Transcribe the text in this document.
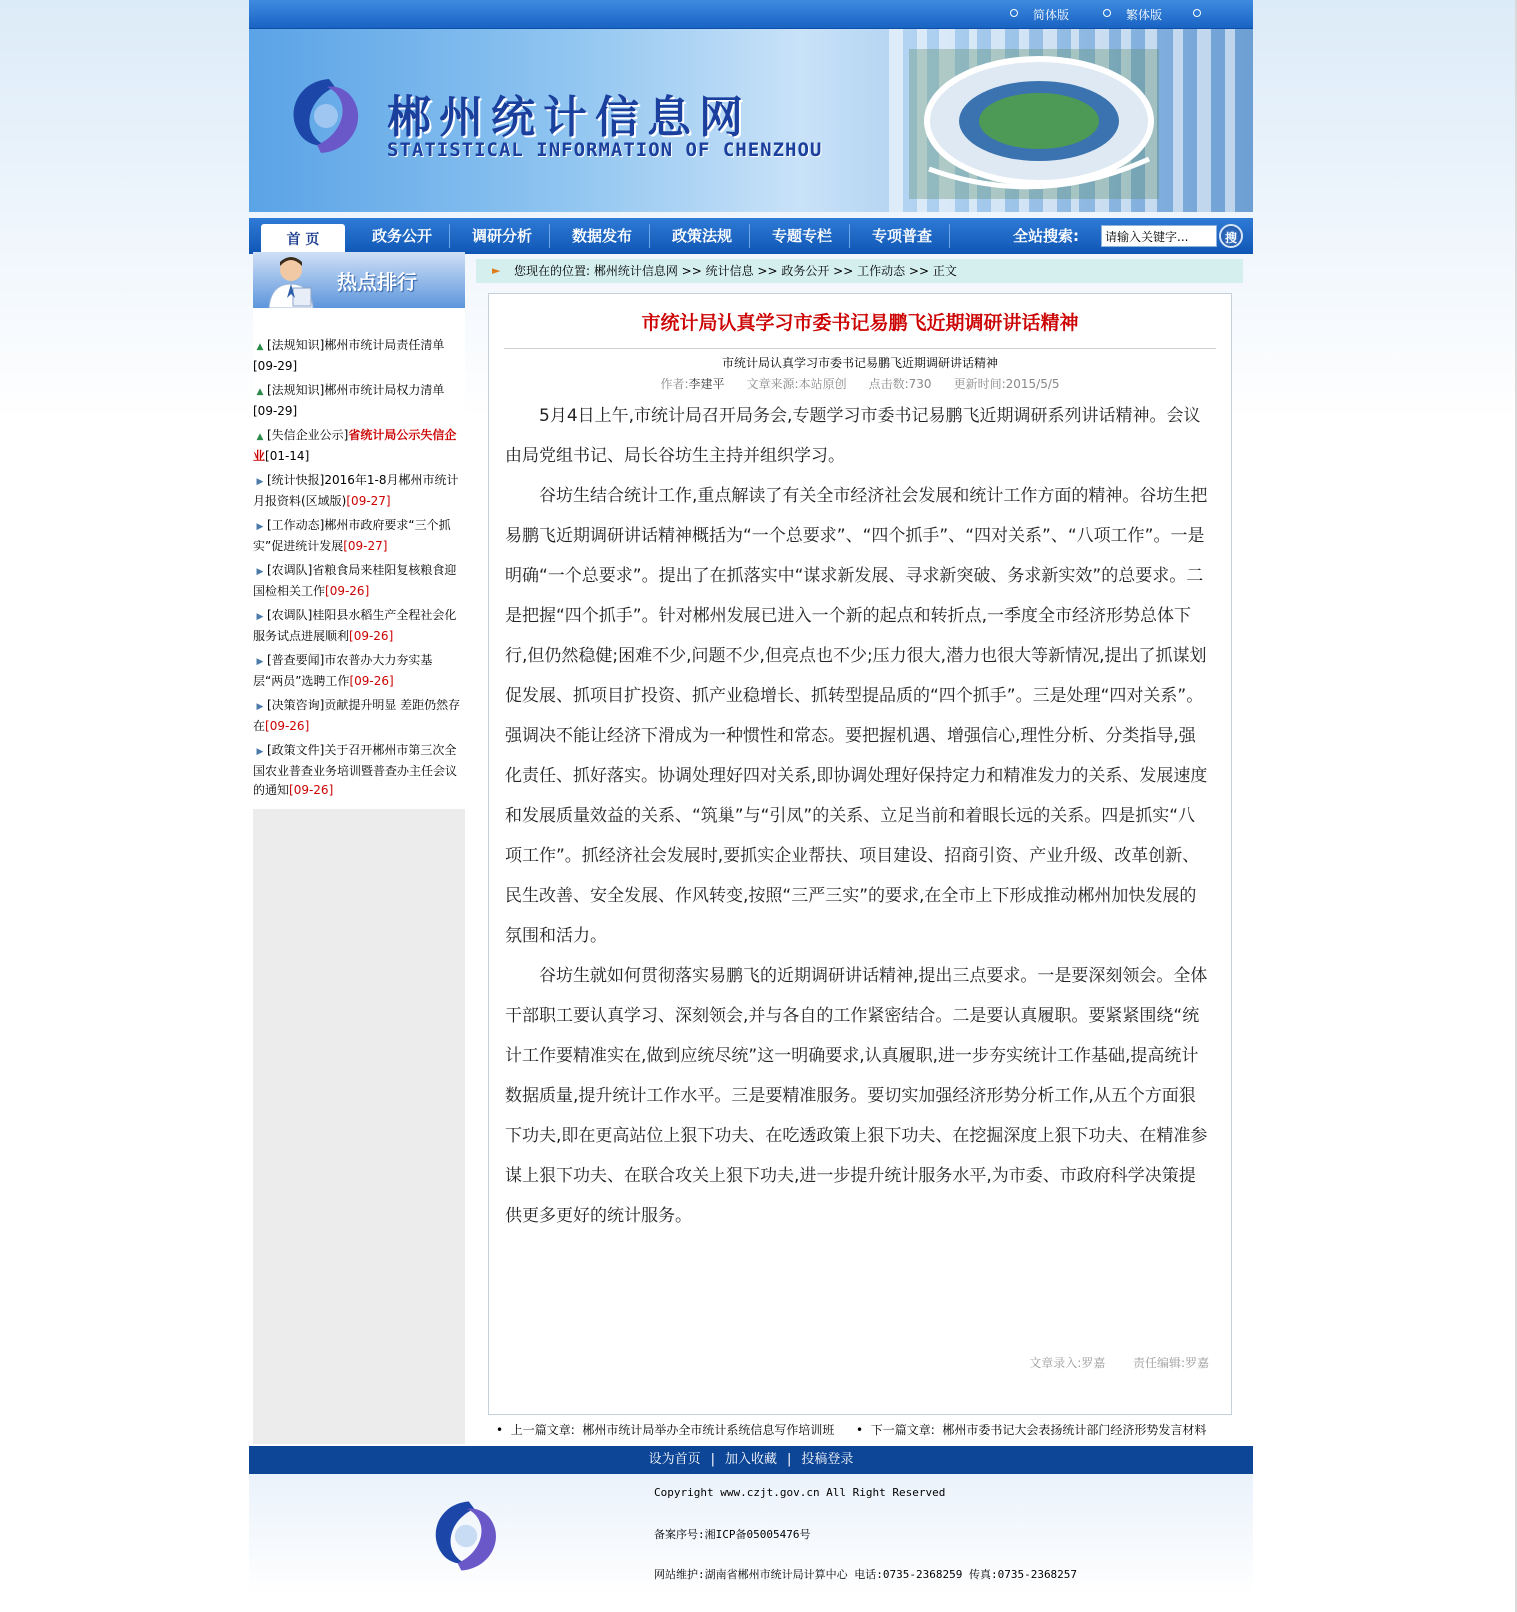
简体版	繁体版
郴州统计信息网
STATISTICAL INFORMATION OF CHENZHOU
首 页	政务公开	调研分析	数据发布	政策法规	专题专栏	专项普查	全站搜索:
请输入关键字...	搜
热点排行
▲ [法规知识]郴州市统计局责任清单
[09-29]
▲ [法规知识]郴州市统计局权力清单
[09-29]
▲ [失信企业公示]省统计局公示失信企业[01-14]
▶ [统计快报]2016年1-8月郴州市统计月报资料(区域版)[09-27]
▶ [工作动态]郴州市政府要求“三个抓实”促进统计发展[09-27]
▶ [农调队]省粮食局来桂阳复核粮食迎国检相关工作[09-26]
▶ [农调队]桂阳县水稻生产全程社会化服务试点进展顺利[09-26]
▶ [普查要闻]市农普办大力夯实基层“两员”选聘工作[09-26]
▶ [决策咨询]贡献提升明显 差距仍然存在[09-26]
▶ [政策文件]关于召开郴州市第三次全国农业普查业务培训暨普查办主任会议的通知[09-26]
► 您现在的位置: 郴州统计信息网 >> 统计信息 >> 政务公开 >> 工作动态 >> 正文
市统计局认真学习市委书记易鹏飞近期调研讲话精神
市统计局认真学习市委书记易鹏飞近期调研讲话精神
作者:李建平 文章来源:本站原创 点击数:730 更新时间:2015/5/5

5月4日上午,市统计局召开局务会,专题学习市委书记易鹏飞近期调研系列讲话精神。会议由局党组书记、局长谷坊生主持并组织学习。

谷坊生结合统计工作,重点解读了有关全市经济社会发展和统计工作方面的精神。谷坊生把易鹏飞近期调研讲话精神概括为“一个总要求”、“四个抓手”、“四对关系”、“八项工作”。一是明确“一个总要求”。提出了在抓落实中“谋求新发展、寻求新突破、务求新实效”的总要求。二是把握“四个抓手”。针对郴州发展已进入一个新的起点和转折点,一季度全市经济形势总体下行,但仍然稳健;困难不少,问题不少,但亮点也不少;压力很大,潜力也很大等新情况,提出了抓谋划促发展、抓项目扩投资、抓产业稳增长、抓转型提品质的“四个抓手”。三是处理“四对关系”。强调决不能让经济下滑成为一种惯性和常态。要把握机遇、增强信心,理性分析、分类指导,强化责任、抓好落实。协调处理好四对关系,即协调处理好保持定力和精准发力的关系、发展速度和发展质量效益的关系、“筑巢”与“引凤”的关系、立足当前和着眼长远的关系。四是抓实“八项工作”。抓经济社会发展时,要抓实企业帮扶、项目建设、招商引资、产业升级、改革创新、民生改善、安全发展、作风转变,按照“三严三实”的要求,在全市上下形成推动郴州加快发展的氛围和活力。

谷坊生就如何贯彻落实易鹏飞的近期调研讲话精神,提出三点要求。一是要深刻领会。全体干部职工要认真学习、深刻领会,并与各自的工作紧密结合。二是要认真履职。要紧紧围绕“统计工作要精准实在,做到应统尽统”这一明确要求,认真履职,进一步夯实统计工作基础,提高统计数据质量,提升统计工作水平。三是要精准服务。要切实加强经济形势分析工作,从五个方面狠下功夫,即在更高站位上狠下功夫、在吃透政策上狠下功夫、在挖掘深度上狠下功夫、在精准参谋上狠下功夫、在联合攻关上狠下功夫,进一步提升统计服务水平,为市委、市政府科学决策提供更多更好的统计服务。

文章录入:罗嘉 责任编辑:罗嘉
•  上一篇文章: 郴州市统计局举办全市统计系统信息写作培训班 •  下一篇文章: 郴州市委书记大会表扬统计部门经济形势发言材料
设为首页 | 加入收藏 | 投稿登录
Copyright www.czjt.gov.cn All Right Reserved
备案序号:湘ICP备05005476号
网站维护:湖南省郴州市统计局计算中心 电话:0735-2368259 传真:0735-2368257
